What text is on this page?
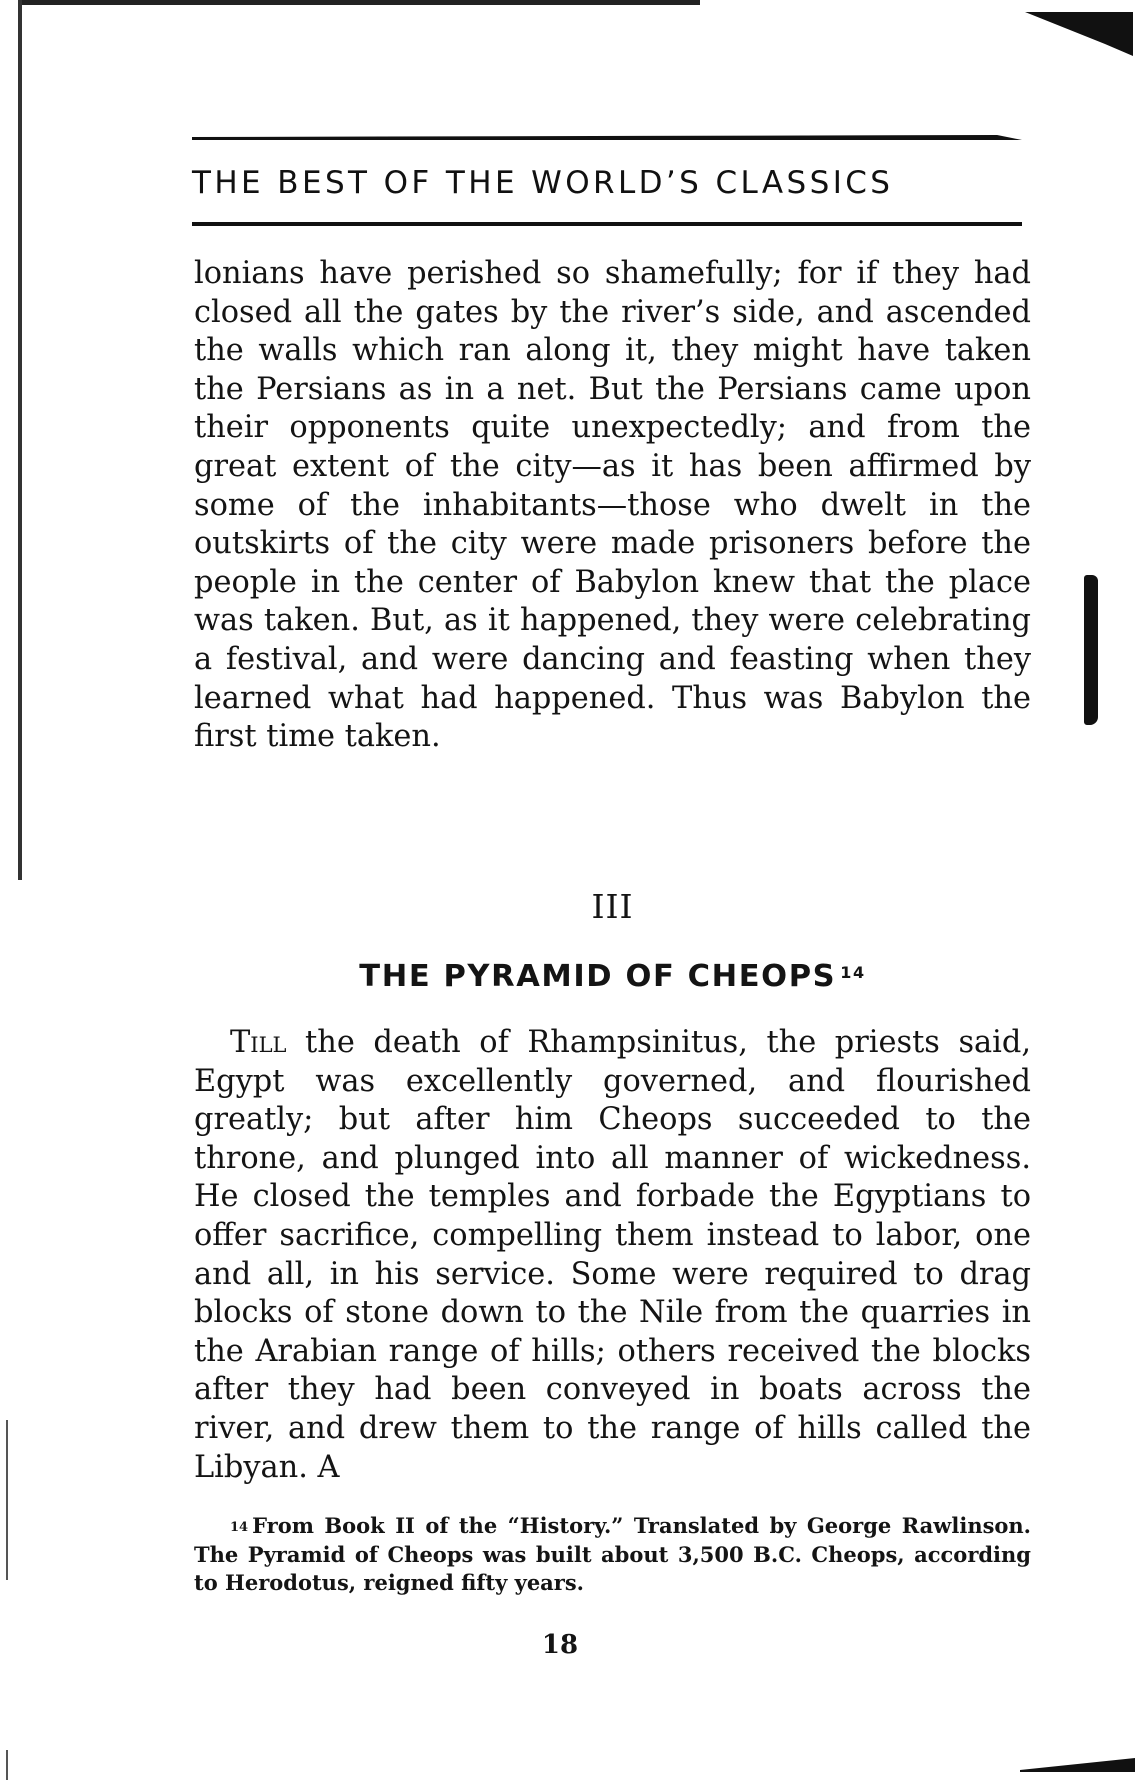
THE BEST OF THE WORLD’S CLASSICS

lonians have perished so shamefully; for if they had closed all the gates by the river’s side, and ascended the walls which ran along it, they might have taken the Persians as in a net. But the Persians came upon their opponents quite unexpectedly; and from the great extent of the city—as it has been affirmed by some of the inhabitants—those who dwelt in the outskirts of the city were made prisoners before the people in the center of Babylon knew that the place was taken. But, as it happened, they were celebrating a festival, and were dancing and feasting when they learned what had happened. Thus was Babylon the first time taken.

III
THE PYRAMID OF CHEOPS $^{14}$

Till the death of Rhampsinitus, the priests said, Egypt was excellently governed, and flourished greatly; but after him Cheops succeeded to the throne, and plunged into all manner of wickedness. He closed the temples and forbade the Egyptians to offer sacrifice, compelling them instead to labor, one and all, in his service. Some were required to drag blocks of stone down to the Nile from the quarries in the Arabian range of hills; others received the blocks after they had been conveyed in boats across the river, and drew them to the range of hills called the Libyan. A

$^{14}$ From Book II of the “History.” Translated by George Rawlinson. The Pyramid of Cheops was built about 3,500 B.C. Cheops, according to Herodotus, reigned fifty years.

18
